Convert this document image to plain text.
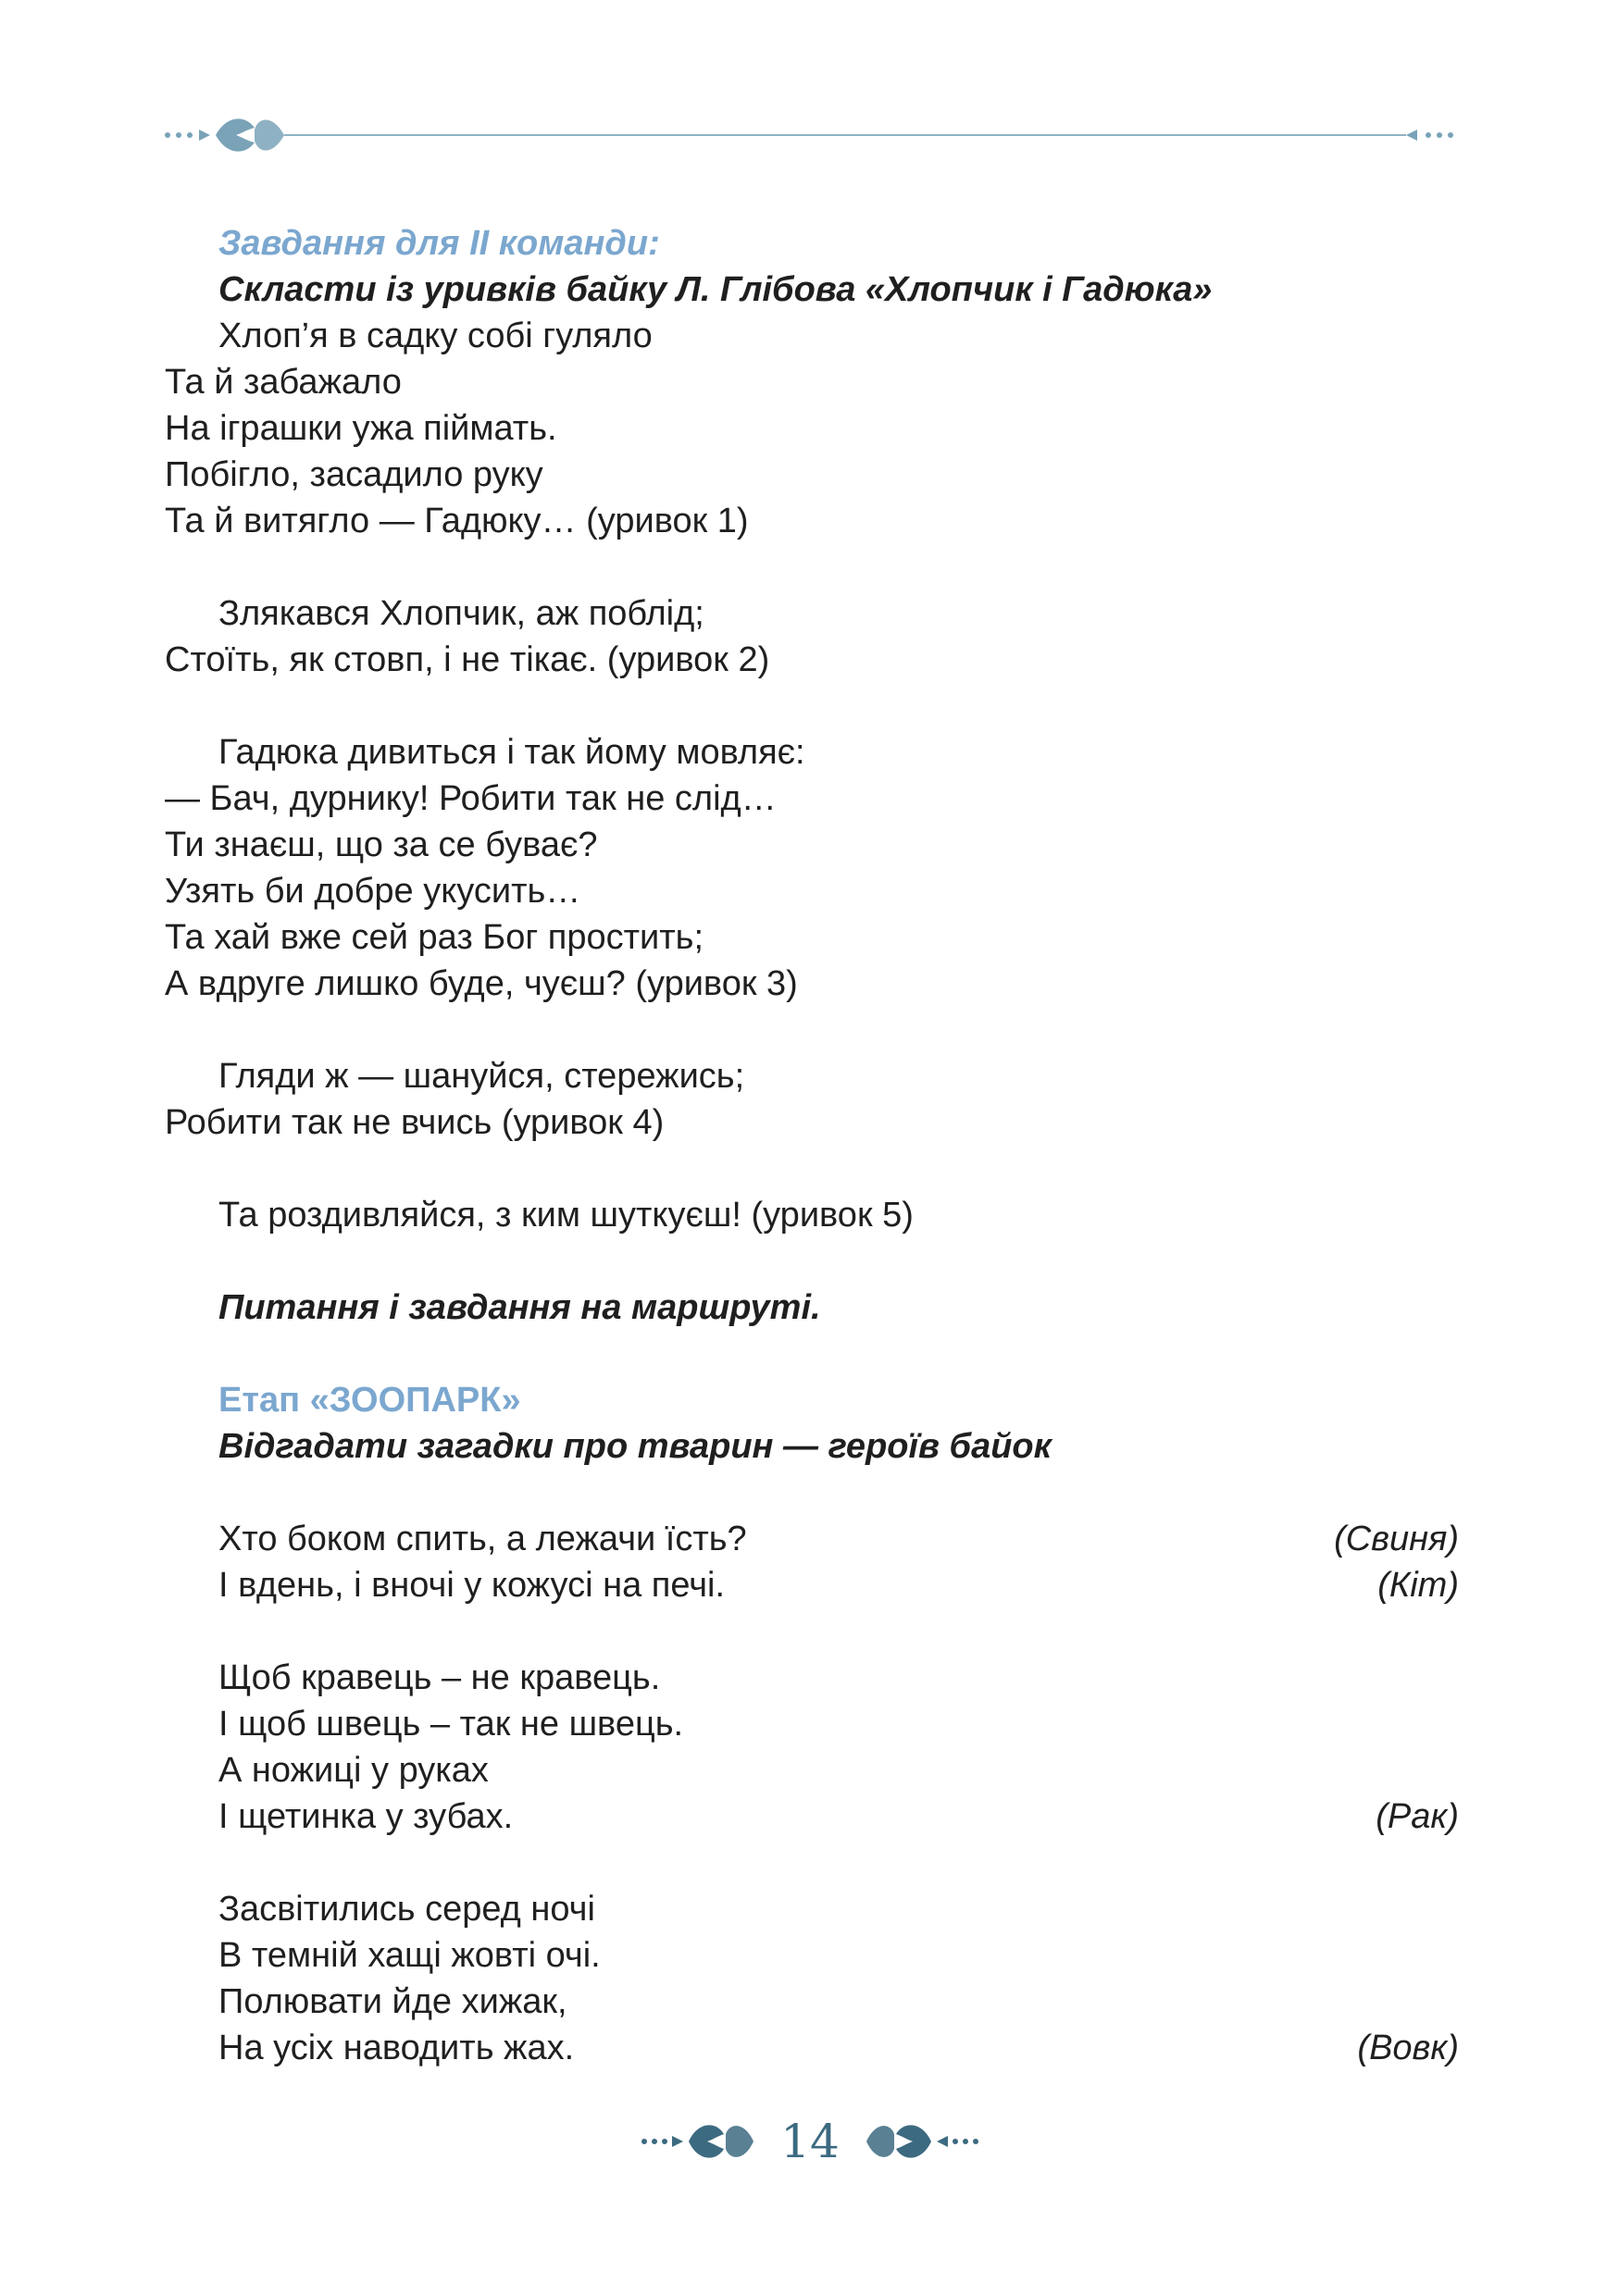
Завдання для ІІ команди:
Скласти із уривків байку Л. Глібова «Хлопчик і Гадюка»
Хлоп’я в садку собі гуляло
Та й забажало
На іграшки ужа піймать.
Побігло, засадило руку
Та й витягло — Гадюку… (уривок 1)
Злякався Хлопчик, аж поблід;
Стоїть, як стовп, і не тікає. (уривок 2)
Гадюка дивиться і так йому мовляє:
— Бач, дурнику! Робити так не слід…
Ти знаєш, що за се буває?
Узять би добре укусить…
Та хай вже сей раз Бог простить;
А вдруге лишко буде, чуєш? (уривок 3)
Гляди ж — шануйся, стережись;
Робити так не вчись (уривок 4)
Та роздивляйся, з ким шуткуєш! (уривок 5)
Питання і завдання на маршруті.
Етап «ЗООПАРК»
Відгадати загадки про тварин — героїв байок
Хто боком спить, а лежачи їсть?	(Свиня)
І вдень, і вночі у кожусі на печі.	(Кіт)
Щоб кравець – не кравець.
І щоб швець – так не швець.
А ножиці у руках
І щетинка у зубах.	(Рак)
Засвітились серед ночі
В темній хащі жовті очі.
Полювати йде хижак,
На усіх наводить жах.	(Вовк)
14
